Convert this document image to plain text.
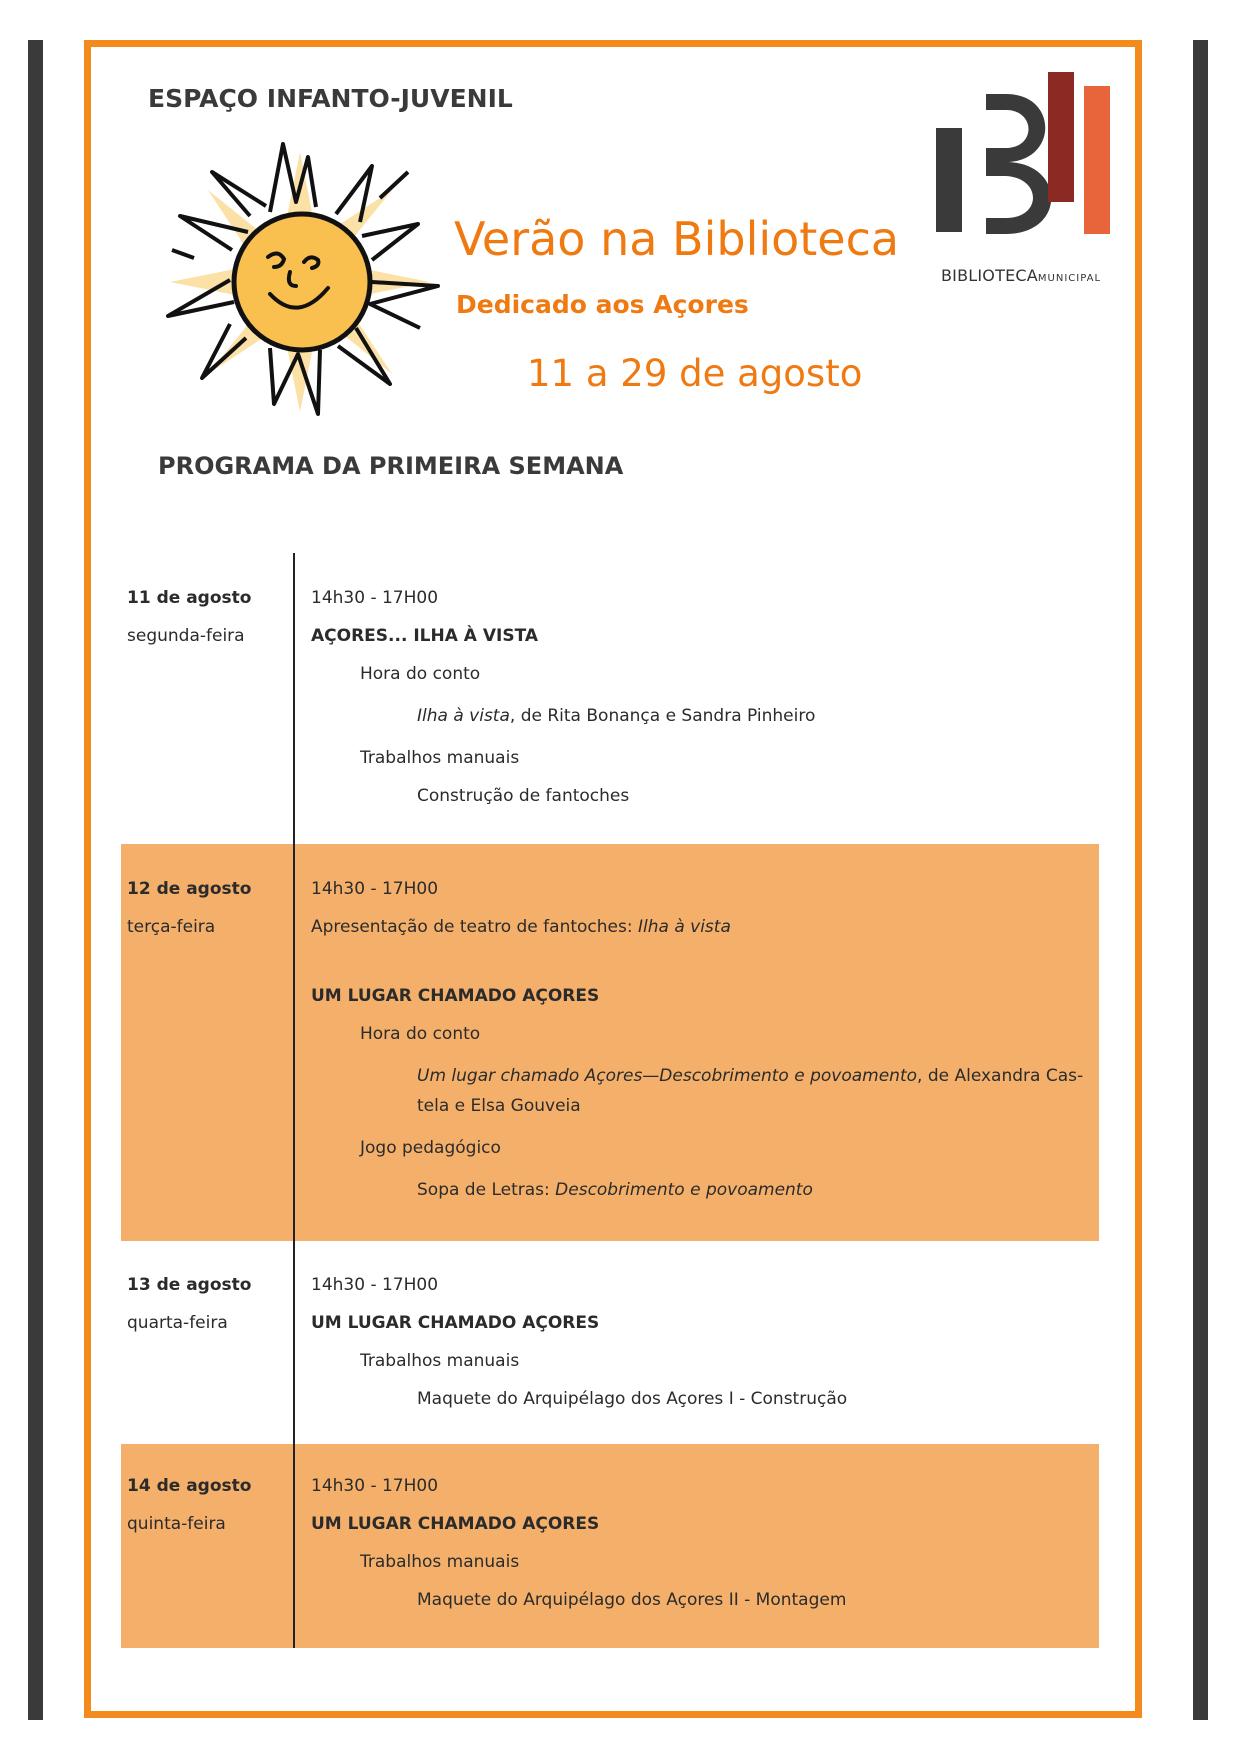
ESPAÇO INFANTO-JUVENIL
Verão na Biblioteca
Dedicado aos Açores
11 a 29 de agosto
BIBLIOTECAMUNICIPAL
PROGRAMA DA PRIMEIRA SEMANA
11 de agosto
segunda-feira
14h30 - 17H00
AÇORES... ILHA À VISTA
Hora do conto
Ilha à vista, de Rita Bonança e Sandra Pinheiro
Trabalhos manuais
Construção de fantoches
12 de agosto
terça-feira
14h30 - 17H00
Apresentação de teatro de fantoches: Ilha à vista
UM LUGAR CHAMADO AÇORES
Hora do conto
Um lugar chamado Açores—Descobrimento e povoamento, de Alexandra Cas-
tela e Elsa Gouveia
Jogo pedagógico
Sopa de Letras: Descobrimento e povoamento
13 de agosto
quarta-feira
14h30 - 17H00
UM LUGAR CHAMADO AÇORES
Trabalhos manuais
Maquete do Arquipélago dos Açores I - Construção
14 de agosto
quinta-feira
14h30 - 17H00
UM LUGAR CHAMADO AÇORES
Trabalhos manuais
Maquete do Arquipélago dos Açores II - Montagem
